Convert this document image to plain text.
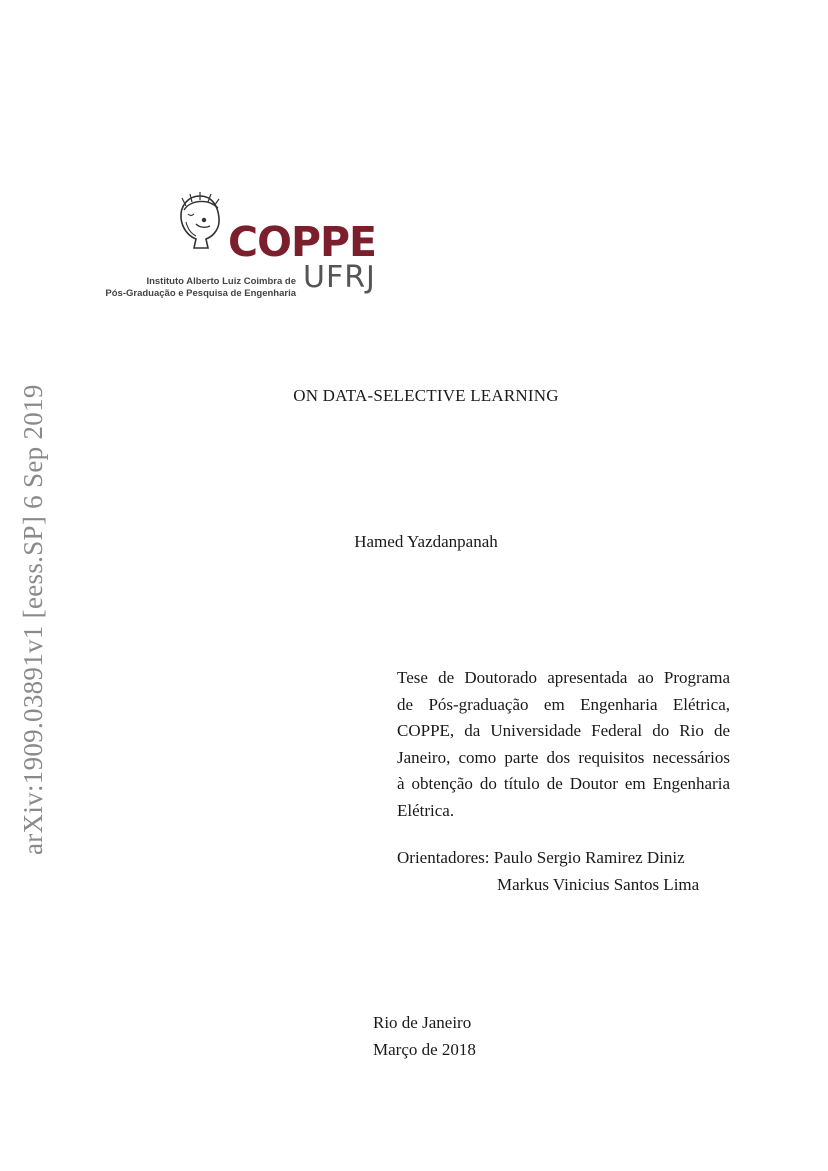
arXiv:1909.03891v1 [eess.SP] 6 Sep 2019
COPPE
UFRJ
Instituto Alberto Luiz Coimbra de
Pós-Graduação e Pesquisa de Engenharia
ON DATA-SELECTIVE LEARNING
Hamed Yazdanpanah
Tese de Doutorado apresentada ao Programa
de Pós-graduação em Engenharia Elétrica,
COPPE, da Universidade Federal do Rio de
Janeiro, como parte dos requisitos necessários
à obtenção do título de Doutor em Engenharia
Elétrica.
Orientadores: Paulo Sergio Ramirez Diniz
Markus Vinicius Santos Lima
Rio de Janeiro
Março de 2018
